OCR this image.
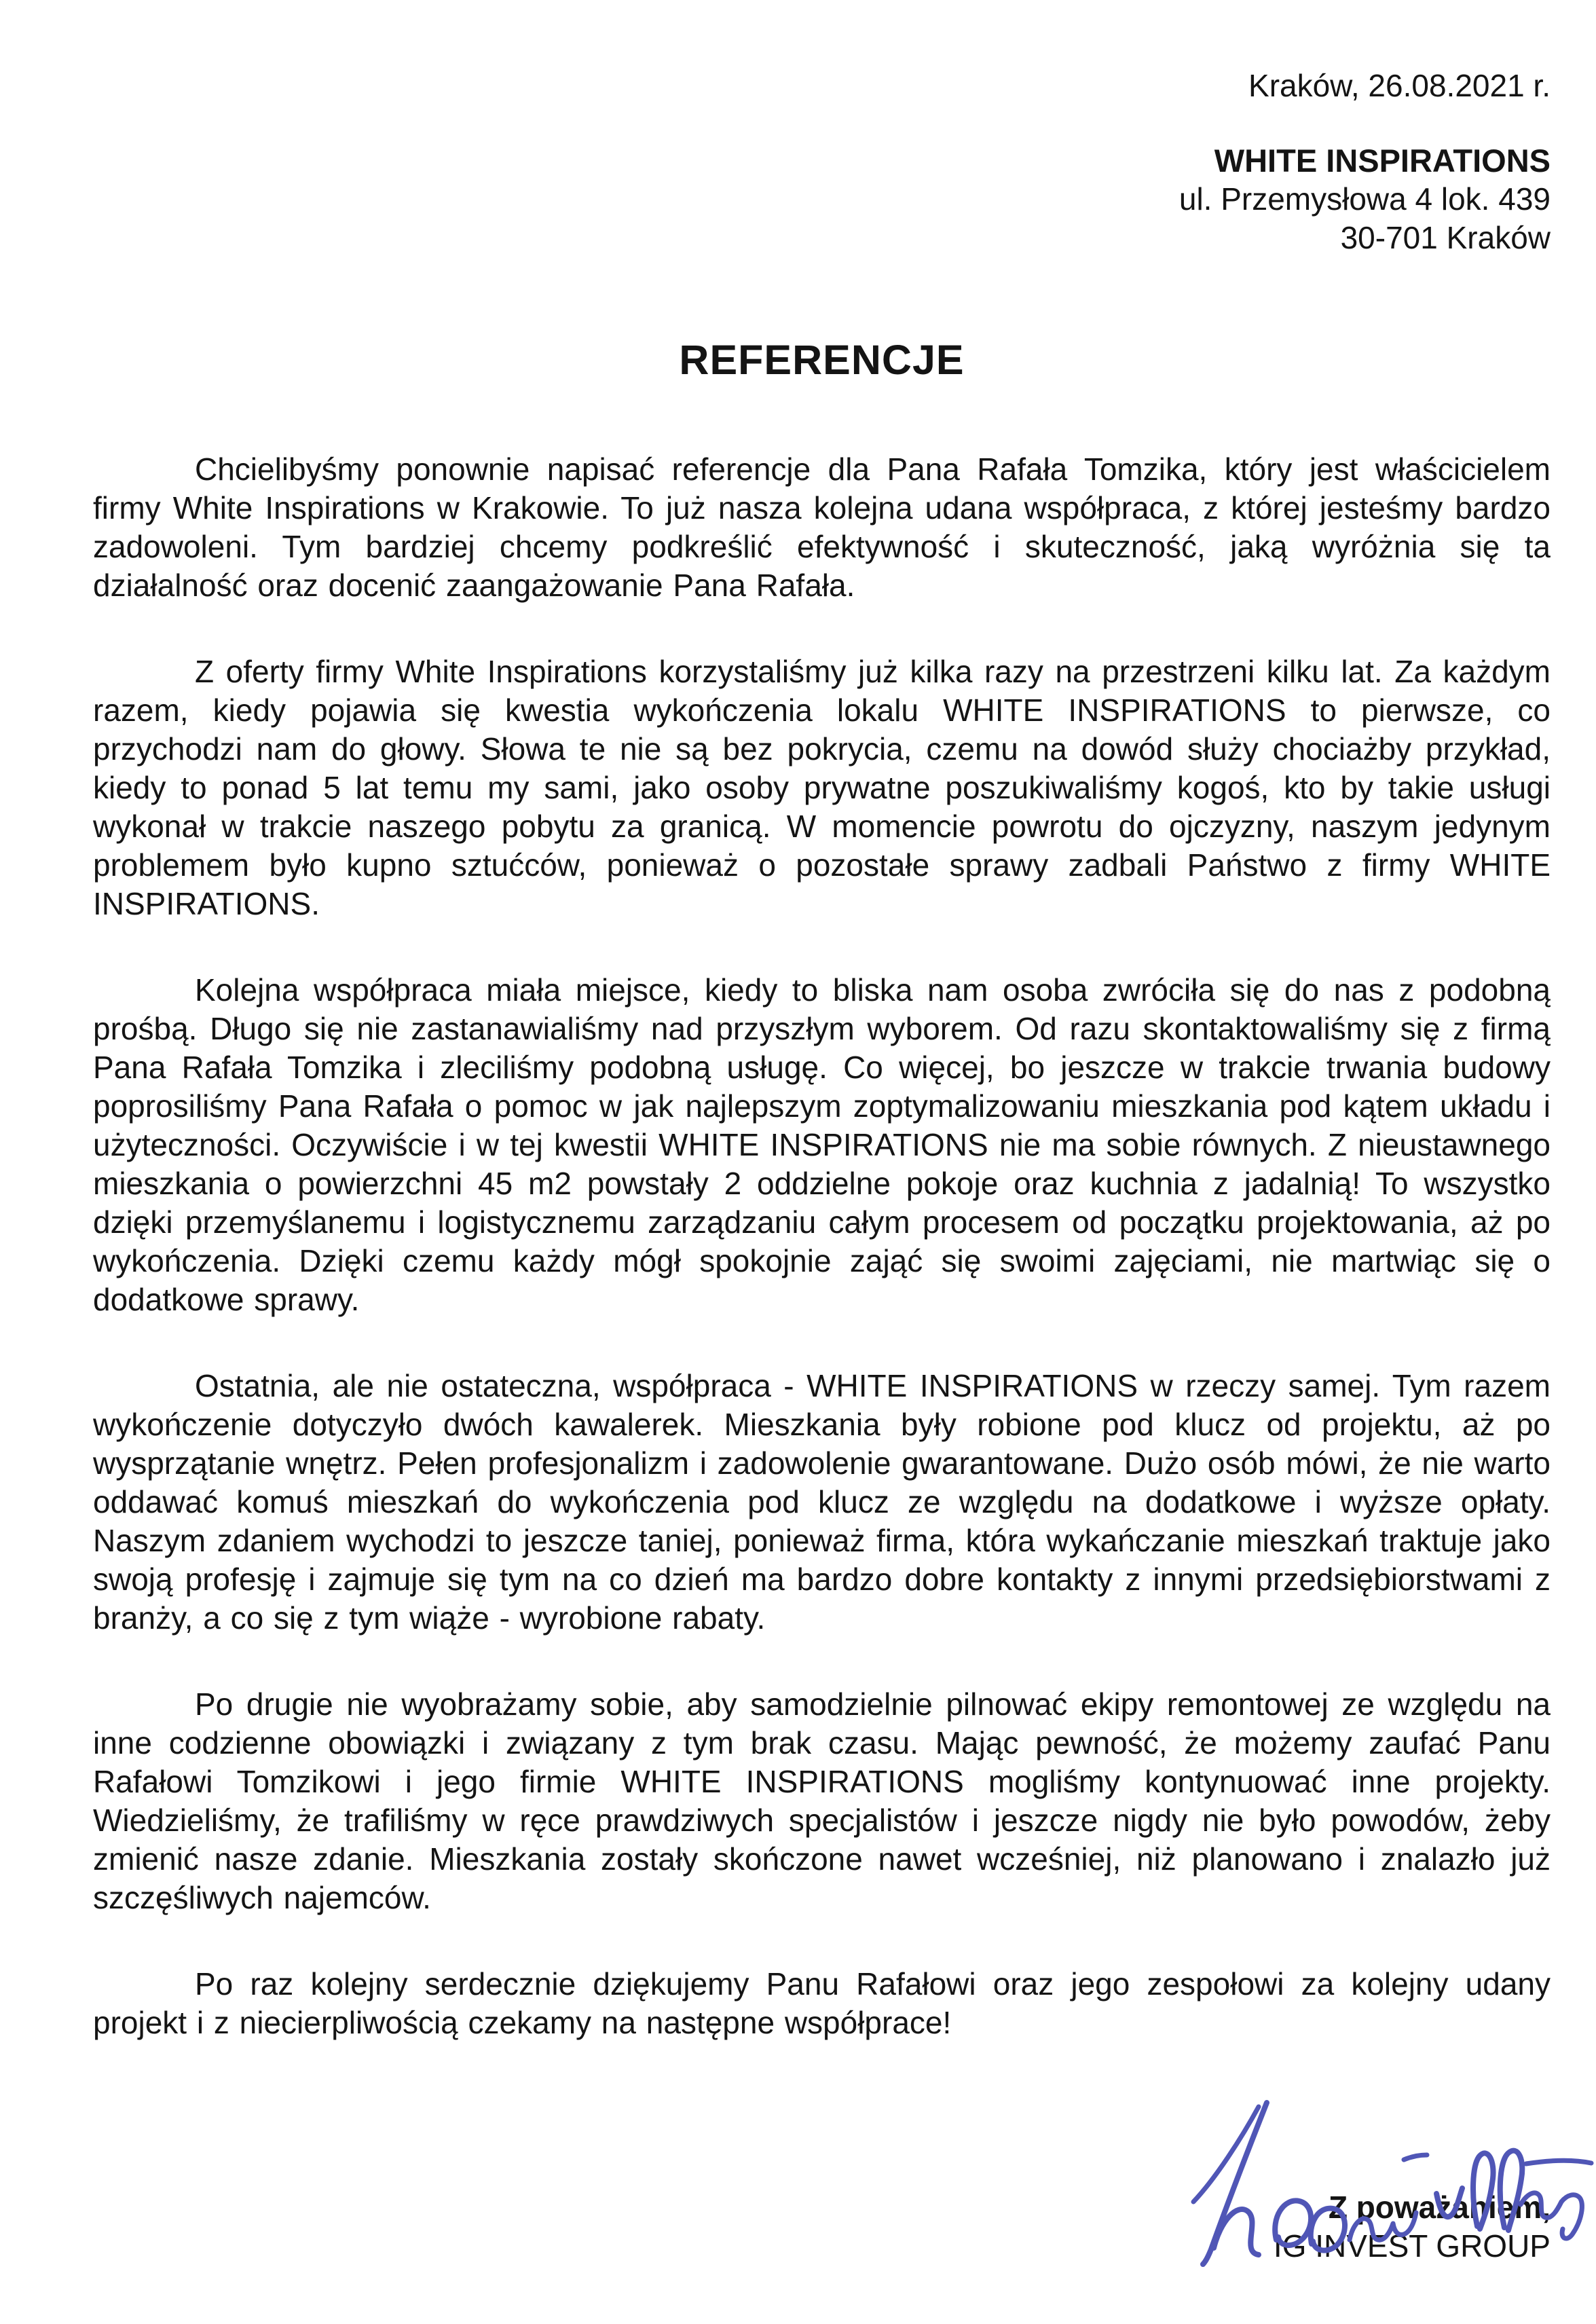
Kraków, 26.08.2021 r.
WHITE INSPIRATIONS
ul. Przemysłowa 4 lok. 439
30-701 Kraków
REFERENCJE

Chcielibyśmy ponownie napisać referencje dla Pana Rafała Tomzika, który jest właścicielem firmy White Inspirations w Krakowie. To już nasza kolejna udana współpraca, z której jesteśmy bardzo zadowoleni. Tym bardziej chcemy podkreślić efektywność i skuteczność, jaką wyróżnia się ta działalność oraz docenić zaangażowanie Pana Rafała.

Z oferty firmy White Inspirations korzystaliśmy już kilka razy na przestrzeni kilku lat. Za każdym razem, kiedy pojawia się kwestia wykończenia lokalu WHITE INSPIRATIONS to pierwsze, co przychodzi nam do głowy. Słowa te nie są bez pokrycia, czemu na dowód służy chociażby przykład, kiedy to ponad 5 lat temu my sami, jako osoby prywatne poszukiwaliśmy kogoś, kto by takie usługi wykonał w trakcie naszego pobytu za granicą. W momencie powrotu do ojczyzny, naszym jedynym problemem było kupno sztućców, ponieważ o pozostałe sprawy zadbali Państwo z firmy WHITE INSPIRATIONS.

Kolejna współpraca miała miejsce, kiedy to bliska nam osoba zwróciła się do nas z podobną prośbą. Długo się nie zastanawialiśmy nad przyszłym wyborem. Od razu skontaktowaliśmy się z firmą Pana Rafała Tomzika i zleciliśmy podobną usługę. Co więcej, bo jeszcze w trakcie trwania budowy poprosiliśmy Pana Rafała o pomoc w jak najlepszym zoptymalizowaniu mieszkania pod kątem układu i użyteczności. Oczywiście i w tej kwestii WHITE INSPIRATIONS nie ma sobie równych. Z nieustawnego mieszkania o powierzchni 45 m2 powstały 2 oddzielne pokoje oraz kuchnia z jadalnią! To wszystko dzięki przemyślanemu i logistycznemu zarządzaniu całym procesem od początku projektowania, aż po wykończenia. Dzięki czemu każdy mógł spokojnie zająć się swoimi zajęciami, nie martwiąc się o dodatkowe sprawy.

Ostatnia, ale nie ostateczna, współpraca - WHITE INSPIRATIONS w rzeczy samej. Tym razem wykończenie dotyczyło dwóch kawalerek. Mieszkania były robione pod klucz od projektu, aż po wysprzątanie wnętrz. Pełen profesjonalizm i zadowolenie gwarantowane. Dużo osób mówi, że nie warto oddawać komuś mieszkań do wykończenia pod klucz ze względu na dodatkowe i wyższe opłaty. Naszym zdaniem wychodzi to jeszcze taniej, ponieważ firma, która wykańczanie mieszkań traktuje jako swoją profesję i zajmuje się tym na co dzień ma bardzo dobre kontakty z innymi przedsiębiorstwami z branży, a co się z tym wiąże - wyrobione rabaty.

Po drugie nie wyobrażamy sobie, aby samodzielnie pilnować ekipy remontowej ze względu na inne codzienne obowiązki i związany z tym brak czasu. Mając pewność, że możemy zaufać Panu Rafałowi Tomzikowi i jego firmie WHITE INSPIRATIONS mogliśmy kontynuować inne projekty. Wiedzieliśmy, że trafiliśmy w ręce prawdziwych specjalistów i jeszcze nigdy nie było powodów, żeby zmienić nasze zdanie. Mieszkania zostały skończone nawet wcześniej, niż planowano i znalazło już szczęśliwych najemców.

Po raz kolejny serdecznie dziękujemy Panu Rafałowi oraz jego zespołowi za kolejny udany projekt i z niecierpliwością czekamy na następne współprace!

Z poważaniem,
IG INVEST GROUP
